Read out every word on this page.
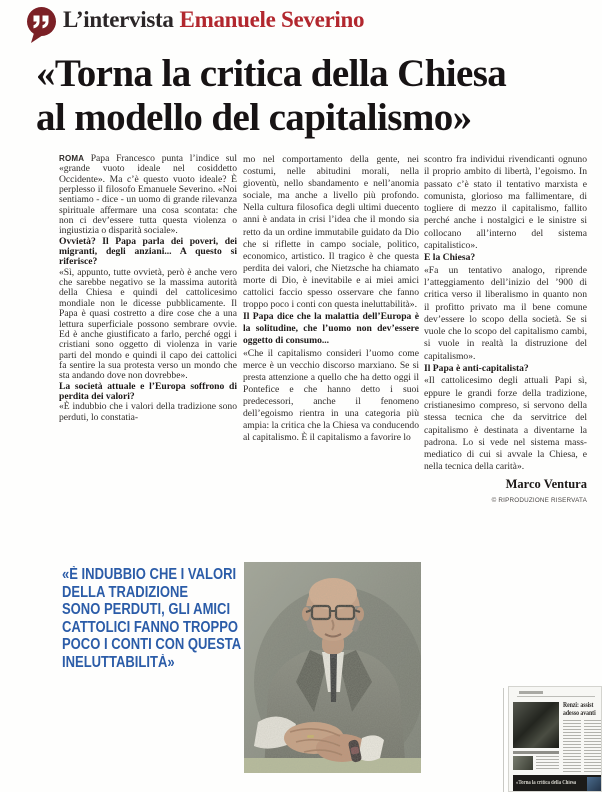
L’intervista Emanuele Severino
«Torna la critica della Chiesa
al modello del capitalismo»

ROMA Papa Francesco punta l’indice sul «grande vuoto ideale nel cosiddetto Occidente». Ma c’è questo vuoto ideale? È perplesso il filosofo Emanuele Severino. «Noi sentiamo - dice - un uomo di grande rilevanza spirituale affermare una cosa scontata: che non ci dev’essere tutta questa violenza o ingiustizia o disparità sociale».

Ovvietà? Il Papa parla dei poveri, dei migranti, degli anziani... A questo si riferisce?

«Sì, appunto, tutte ovvietà, però è anche vero che sarebbe negativo se la massima autorità della Chiesa e quindi del cattolicesimo mondiale non le dicesse pubblicamente. Il Papa è quasi costretto a dire cose che a una lettura superficiale possono sembrare ovvie. Ed è anche giustificato a farlo, perché oggi i cristiani sono oggetto di violenza in varie parti del mondo e quindi il capo dei cattolici fa sentire la sua protesta verso un mondo che sta andando dove non dovrebbe».

La società attuale e l’Europa soffrono di perdita dei valori?

«È indubbio che i valori della tradizione sono perduti, lo constatia-

mo nel comportamento della gente, nei costumi, nelle abitudini morali, nella gioventù, nello sbandamento e nell’anomia sociale, ma anche a livello più profondo. Nella cultura filosofica degli ultimi duecento anni è andata in crisi l’idea che il mondo sia retto da un ordine immutabile guidato da Dio che si riflette in campo sociale, politico, economico, artistico. Il tragico è che questa perdita dei valori, che Nietzsche ha chiamato morte di Dio, è inevitabile e ai miei amici cattolici faccio spesso osservare che fanno troppo poco i conti con questa ineluttabilità».

Il Papa dice che la malattia dell’Europa è la solitudine, che l’uomo non dev’essere oggetto di consumo...

«Che il capitalismo consideri l’uomo come merce è un vecchio discorso marxiano. Se si presta attenzione a quello che ha detto oggi il Pontefice e che hanno detto i suoi predecessori, anche il fenomeno dell’egoismo rientra in una categoria più ampia: la critica che la Chiesa va conducendo al capitalismo. È il capitalismo a favorire lo

scontro fra individui rivendicanti ognuno il proprio ambito di libertà, l’egoismo. In passato c’è stato il tentativo marxista e comunista, glorioso ma fallimentare, di togliere di mezzo il capitalismo, fallito perché anche i nostalgici e le sinistre si collocano all’interno del sistema capitalistico».

E la Chiesa?

«Fa un tentativo analogo, riprende l’atteggiamento dell’inizio del ’900 di critica verso il liberalismo in quanto non il profitto privato ma il bene comune dev’essere lo scopo della società. Se si vuole che lo scopo del capitalismo cambi, si vuole in realtà la distruzione del capitalismo».

Il Papa è anti-capitalista?

«Il cattolicesimo degli attuali Papi sì, eppure le grandi forze della tradizione, cristianesimo compreso, si servono della stessa tecnica che da servitrice del capitalismo è destinata a diventarne la padrona. Lo si vede nel sistema mass-mediatico di cui si avvale la Chiesa, e nella tecnica della carità».

Marco Ventura
© RIPRODUZIONE RISERVATA
«È INDUBBIO CHE I VALORI
DELLA TRADIZIONE
SONO PERDUTI, GLI AMICI
CATTOLICI FANNO TROPPO
POCO I CONTI CON QUESTA
INELUTTABILITÀ»
Renzi: assist
adesso avanti
«Torna la critica della Chiesa
